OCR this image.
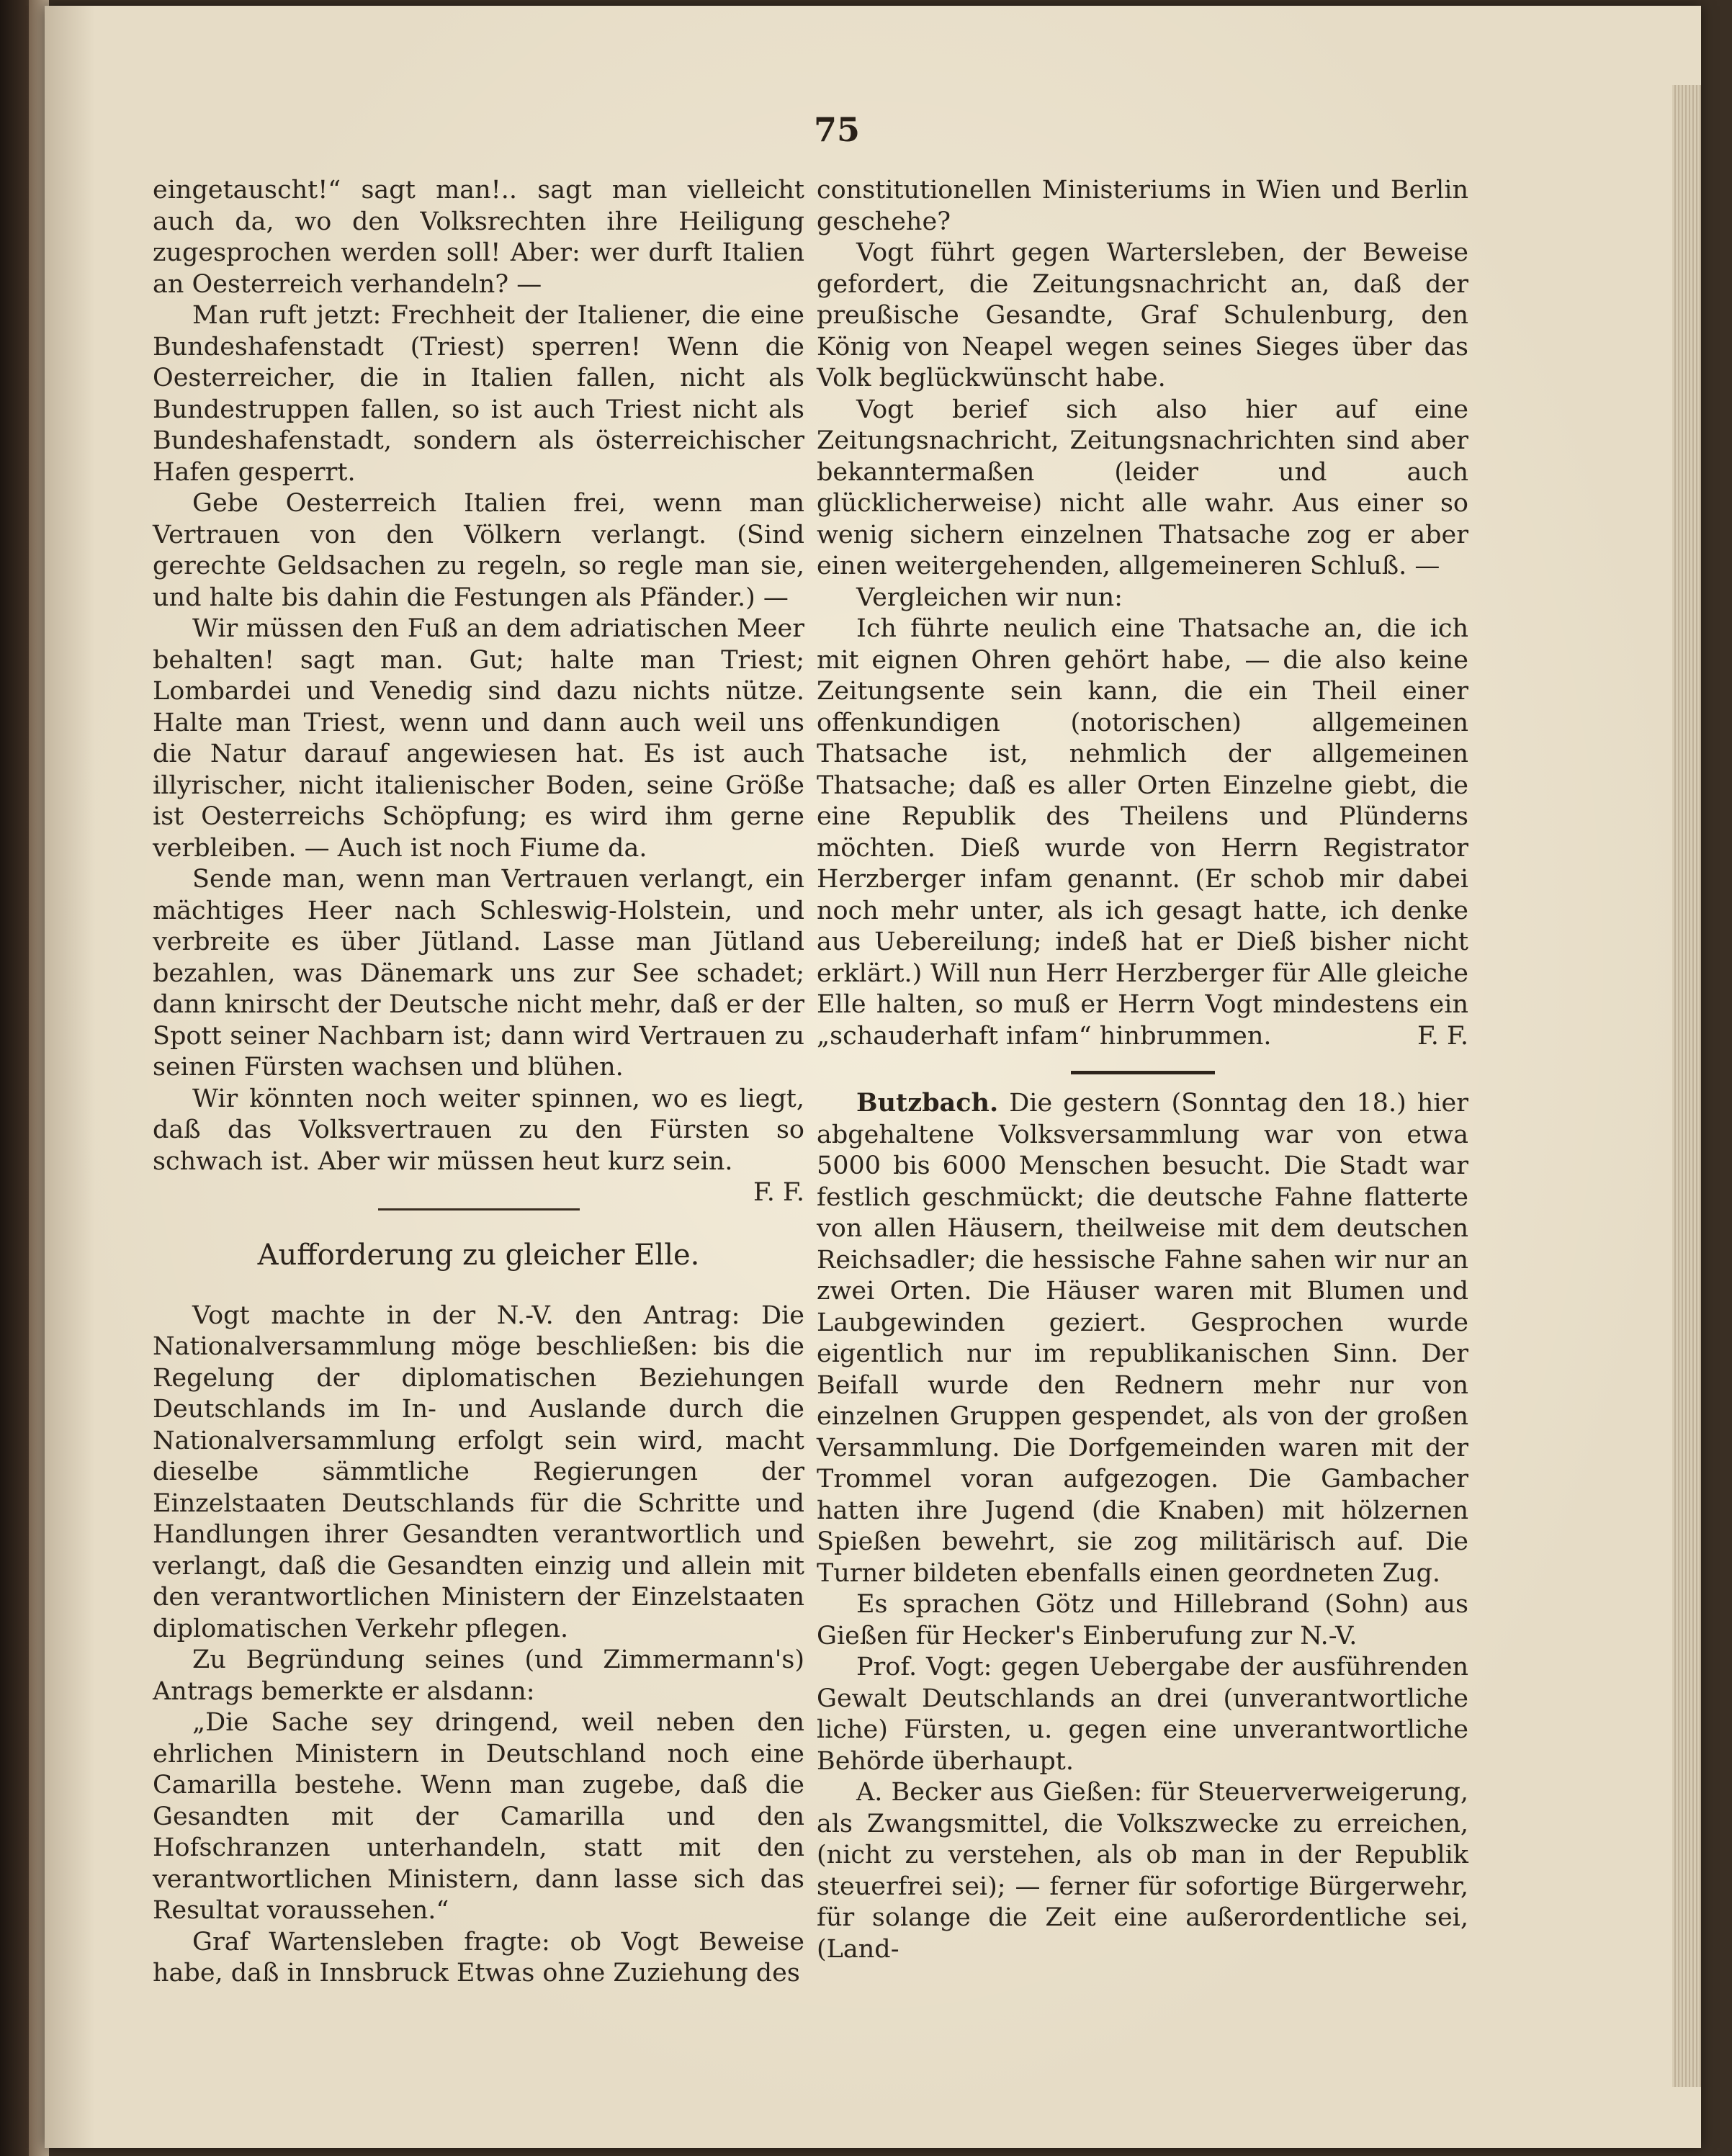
75

eingetauscht!“ sagt man!.. sagt man vielleicht auch da, wo den Volksrechten ihre Heiligung zugesprochen werden soll! Aber: wer durft Italien an Oesterreich verhandeln? —

Man ruft jetzt: Frechheit der Italiener, die eine Bundeshafenstadt (Triest) sperren! Wenn die Oesterreicher, die in Italien fallen, nicht als Bundestruppen fallen, so ist auch Triest nicht als Bundeshafenstadt, sondern als österreichischer Hafen gesperrt.

Gebe Oesterreich Italien frei, wenn man Vertrauen von den Völkern verlangt. (Sind gerechte Geldsachen zu regeln, so regle man sie, und halte bis dahin die Festungen als Pfänder.) —

Wir müssen den Fuß an dem adriatischen Meer behalten! sagt man. Gut; halte man Triest; Lombardei und Venedig sind dazu nichts nütze. Halte man Triest, wenn und dann auch weil uns die Natur darauf angewiesen hat. Es ist auch illyrischer, nicht italienischer Boden, seine Größe ist Oesterreichs Schöpfung; es wird ihm gerne verbleiben. — Auch ist noch Fiume da.

Sende man, wenn man Vertrauen verlangt, ein mächtiges Heer nach Schleswig-Holstein, und verbreite es über Jütland. Lasse man Jütland bezahlen, was Dänemark uns zur See schadet; dann knirscht der Deutsche nicht mehr, daß er der Spott seiner Nachbarn ist; dann wird Vertrauen zu seinen Fürsten wachsen und blühen.

Wir könnten noch weiter spinnen, wo es liegt, daß das Volksvertrauen zu den Fürsten so schwach ist. Aber wir müssen heut kurz sein.
F. F.

Aufforderung zu gleicher Elle.

Vogt machte in der N.-V. den Antrag: Die Nationalversammlung möge beschließen: bis die Regelung der diplomatischen Beziehungen Deutschlands im In- und Auslande durch die Nationalversammlung erfolgt sein wird, macht dieselbe sämmtliche Regierungen der Einzelstaaten Deutschlands für die Schritte und Handlungen ihrer Gesandten verantwortlich und verlangt, daß die Gesandten einzig und allein mit den verantwortlichen Ministern der Einzelstaaten diplomatischen Verkehr pflegen.

Zu Begründung seines (und Zimmermann's) Antrags bemerkte er alsdann:

„Die Sache sey dringend, weil neben den ehrlichen Ministern in Deutschland noch eine Camarilla bestehe. Wenn man zugebe, daß die Gesandten mit der Camarilla und den Hofschranzen unterhandeln, statt mit den verantwortlichen Ministern, dann lasse sich das Resultat voraussehen.“

Graf Wartensleben fragte: ob Vogt Beweise habe, daß in Innsbruck Etwas ohne Zuziehung des

constitutionellen Ministeriums in Wien und Berlin geschehe?

Vogt führt gegen Wartersleben, der Beweise gefordert, die Zeitungsnachricht an, daß der preußische Gesandte, Graf Schulenburg, den König von Neapel wegen seines Sieges über das Volk beglückwünscht habe.

Vogt berief sich also hier auf eine Zeitungsnachricht, Zeitungsnachrichten sind aber bekanntermaßen (leider und auch glücklicherweise) nicht alle wahr. Aus einer so wenig sichern einzelnen Thatsache zog er aber einen weitergehenden, allgemeineren Schluß. —

Vergleichen wir nun:

Ich führte neulich eine Thatsache an, die ich mit eignen Ohren gehört habe, — die also keine Zeitungsente sein kann, die ein Theil einer offenkundigen (notorischen) allgemeinen Thatsache ist, nehmlich der allgemeinen Thatsache; daß es aller Orten Einzelne giebt, die eine Republik des Theilens und Plünderns möchten. Dieß wurde von Herrn Registrator Herzberger infam genannt. (Er schob mir dabei noch mehr unter, als ich gesagt hatte, ich denke aus Uebereilung; indeß hat er Dieß bisher nicht erklärt.) Will nun Herr Herzberger für Alle gleiche Elle halten, so muß er Herrn Vogt mindestens ein „schauderhaft infam“ hinbrummen.	F. F.

Butzbach. Die gestern (Sonntag den 18.) hier abgehaltene Volksversammlung war von etwa 5000 bis 6000 Menschen besucht. Die Stadt war festlich geschmückt; die deutsche Fahne flatterte von allen Häusern, theilweise mit dem deutschen Reichsadler; die hessische Fahne sahen wir nur an zwei Orten. Die Häuser waren mit Blumen und Laubgewinden geziert. Gesprochen wurde eigentlich nur im republikanischen Sinn. Der Beifall wurde den Rednern mehr nur von einzelnen Gruppen gespendet, als von der großen Versammlung. Die Dorfgemeinden waren mit der Trommel voran aufgezogen. Die Gambacher hatten ihre Jugend (die Knaben) mit hölzernen Spießen bewehrt, sie zog militärisch auf. Die Turner bildeten ebenfalls einen geordneten Zug.

Es sprachen Götz und Hillebrand (Sohn) aus Gießen für Hecker's Einberufung zur N.-V.

Prof. Vogt: gegen Uebergabe der ausführenden Gewalt Deutschlands an drei (unverantwortliche liche) Fürsten, u. gegen eine unverantwortliche Behörde überhaupt.

A. Becker aus Gießen: für Steuerverweigerung, als Zwangsmittel, die Volkszwecke zu erreichen, (nicht zu verstehen, als ob man in der Republik steuerfrei sei); — ferner für sofortige Bürgerwehr, für solange die Zeit eine außerordentliche sei, (Land-
